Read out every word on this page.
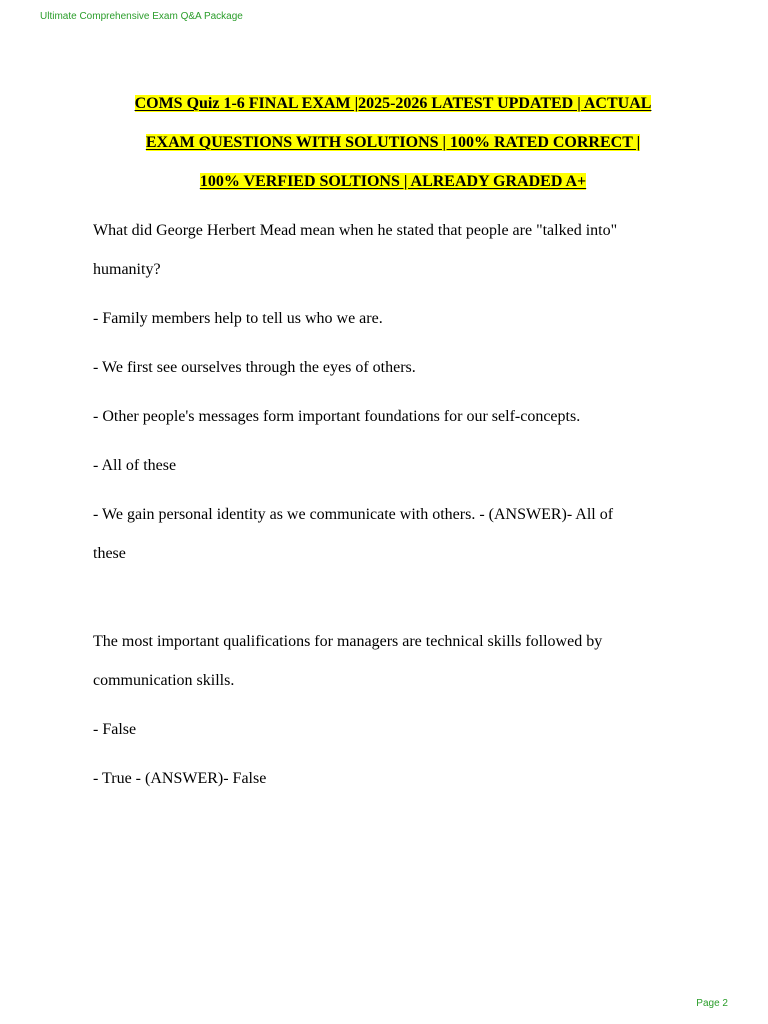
Ultimate Comprehensive Exam Q&A Package
COMS Quiz 1-6 FINAL EXAM |2025-2026 LATEST UPDATED | ACTUAL
EXAM QUESTIONS WITH SOLUTIONS | 100% RATED CORRECT |
100% VERFIED SOLTIONS | ALREADY GRADED A+

What did George Herbert Mead mean when he stated that people are "talked into"

humanity?

- Family members help to tell us who we are.

- We first see ourselves through the eyes of others.

- Other people's messages form important foundations for our self-concepts.

- All of these

- We gain personal identity as we communicate with others. - (ANSWER)- All of

these

The most important qualifications for managers are technical skills followed by

communication skills.

- False

- True - (ANSWER)- False

Page 2
